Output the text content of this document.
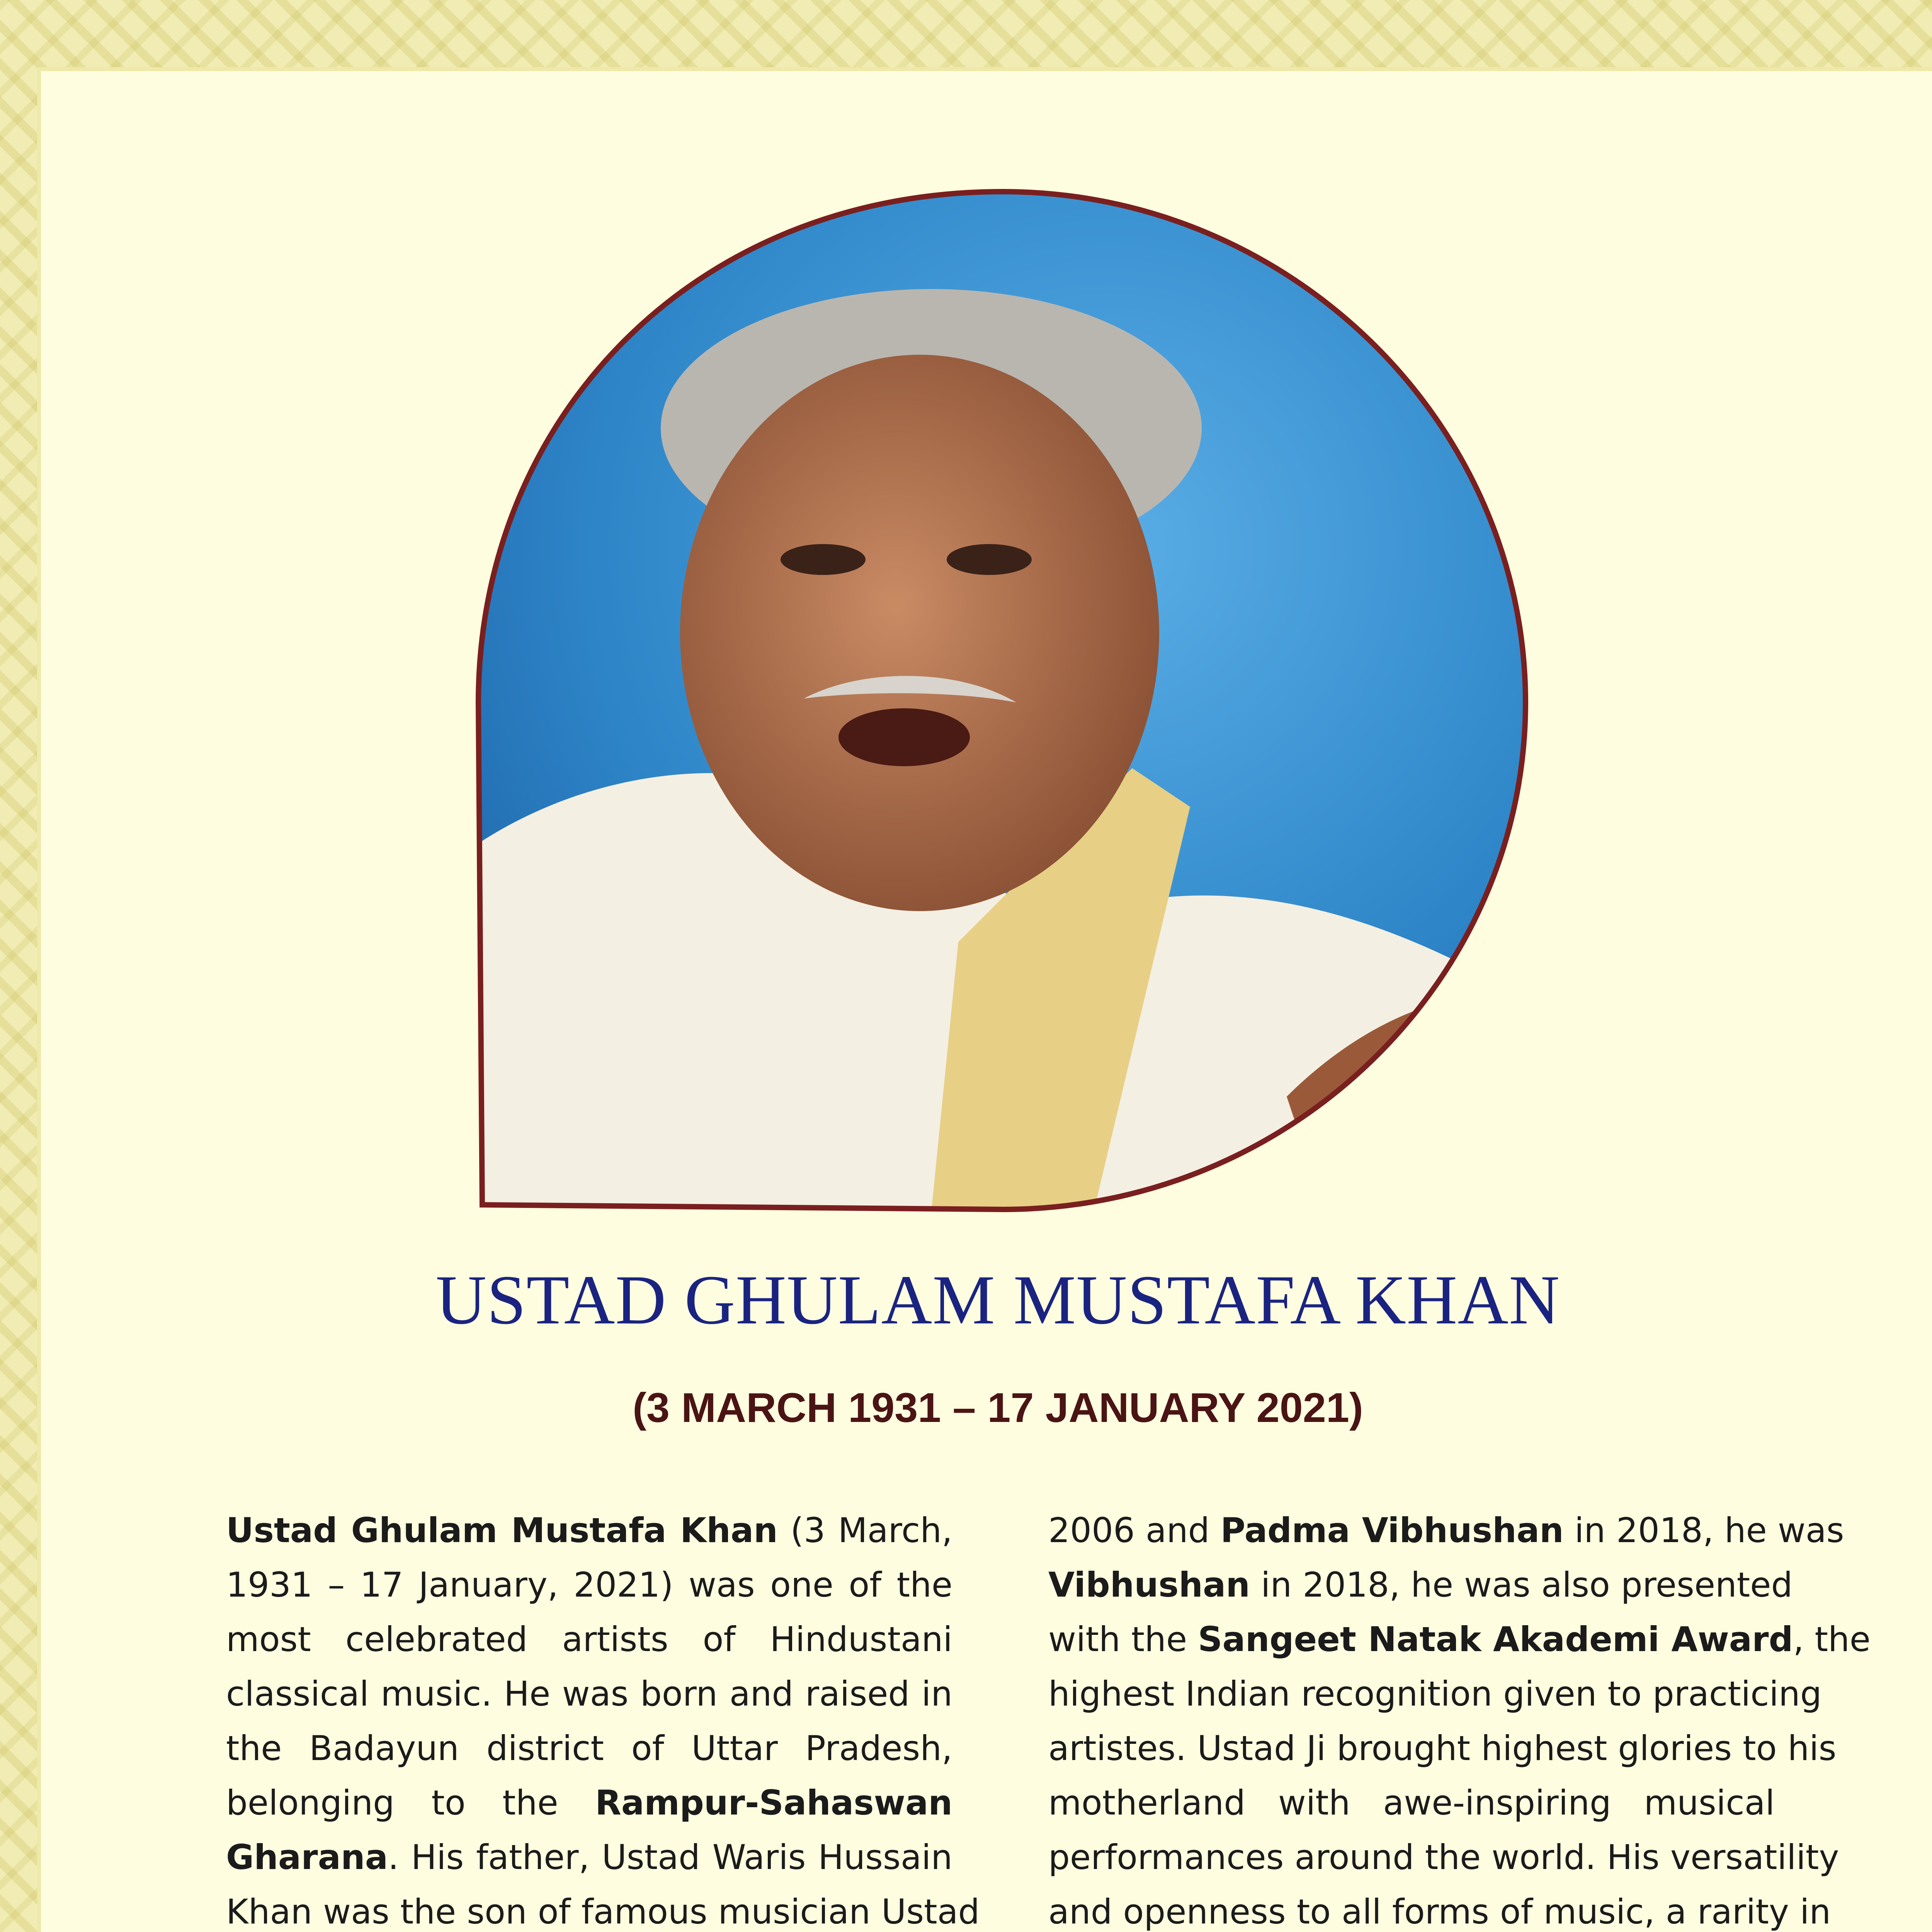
USTAD GHULAM MUSTAFA KHAN
(3 MARCH 1931 – 17 JANUARY 2021)
Ustad Ghulam Mustafa Khan (3 March,
1931 – 17 January, 2021) was one of the
most celebrated artists of Hindustani
classical music. He was born and raised in
the Badayun district of Uttar Pradesh,
belonging to the Rampur-Sahaswan
Gharana. His father, Ustad Waris Hussain
Khan was the son of famous musician Ustad
2006 and Padma Vibhushan in 2018, he was
Vibhushan in 2018, he was also presented
with the Sangeet Natak Akademi Award, the
highest Indian recognition given to practicing
artistes. Ustad Ji brought highest glories to his
motherland with awe-inspiring musical
performances around the world. His versatility
and openness to all forms of music, a rarity in
